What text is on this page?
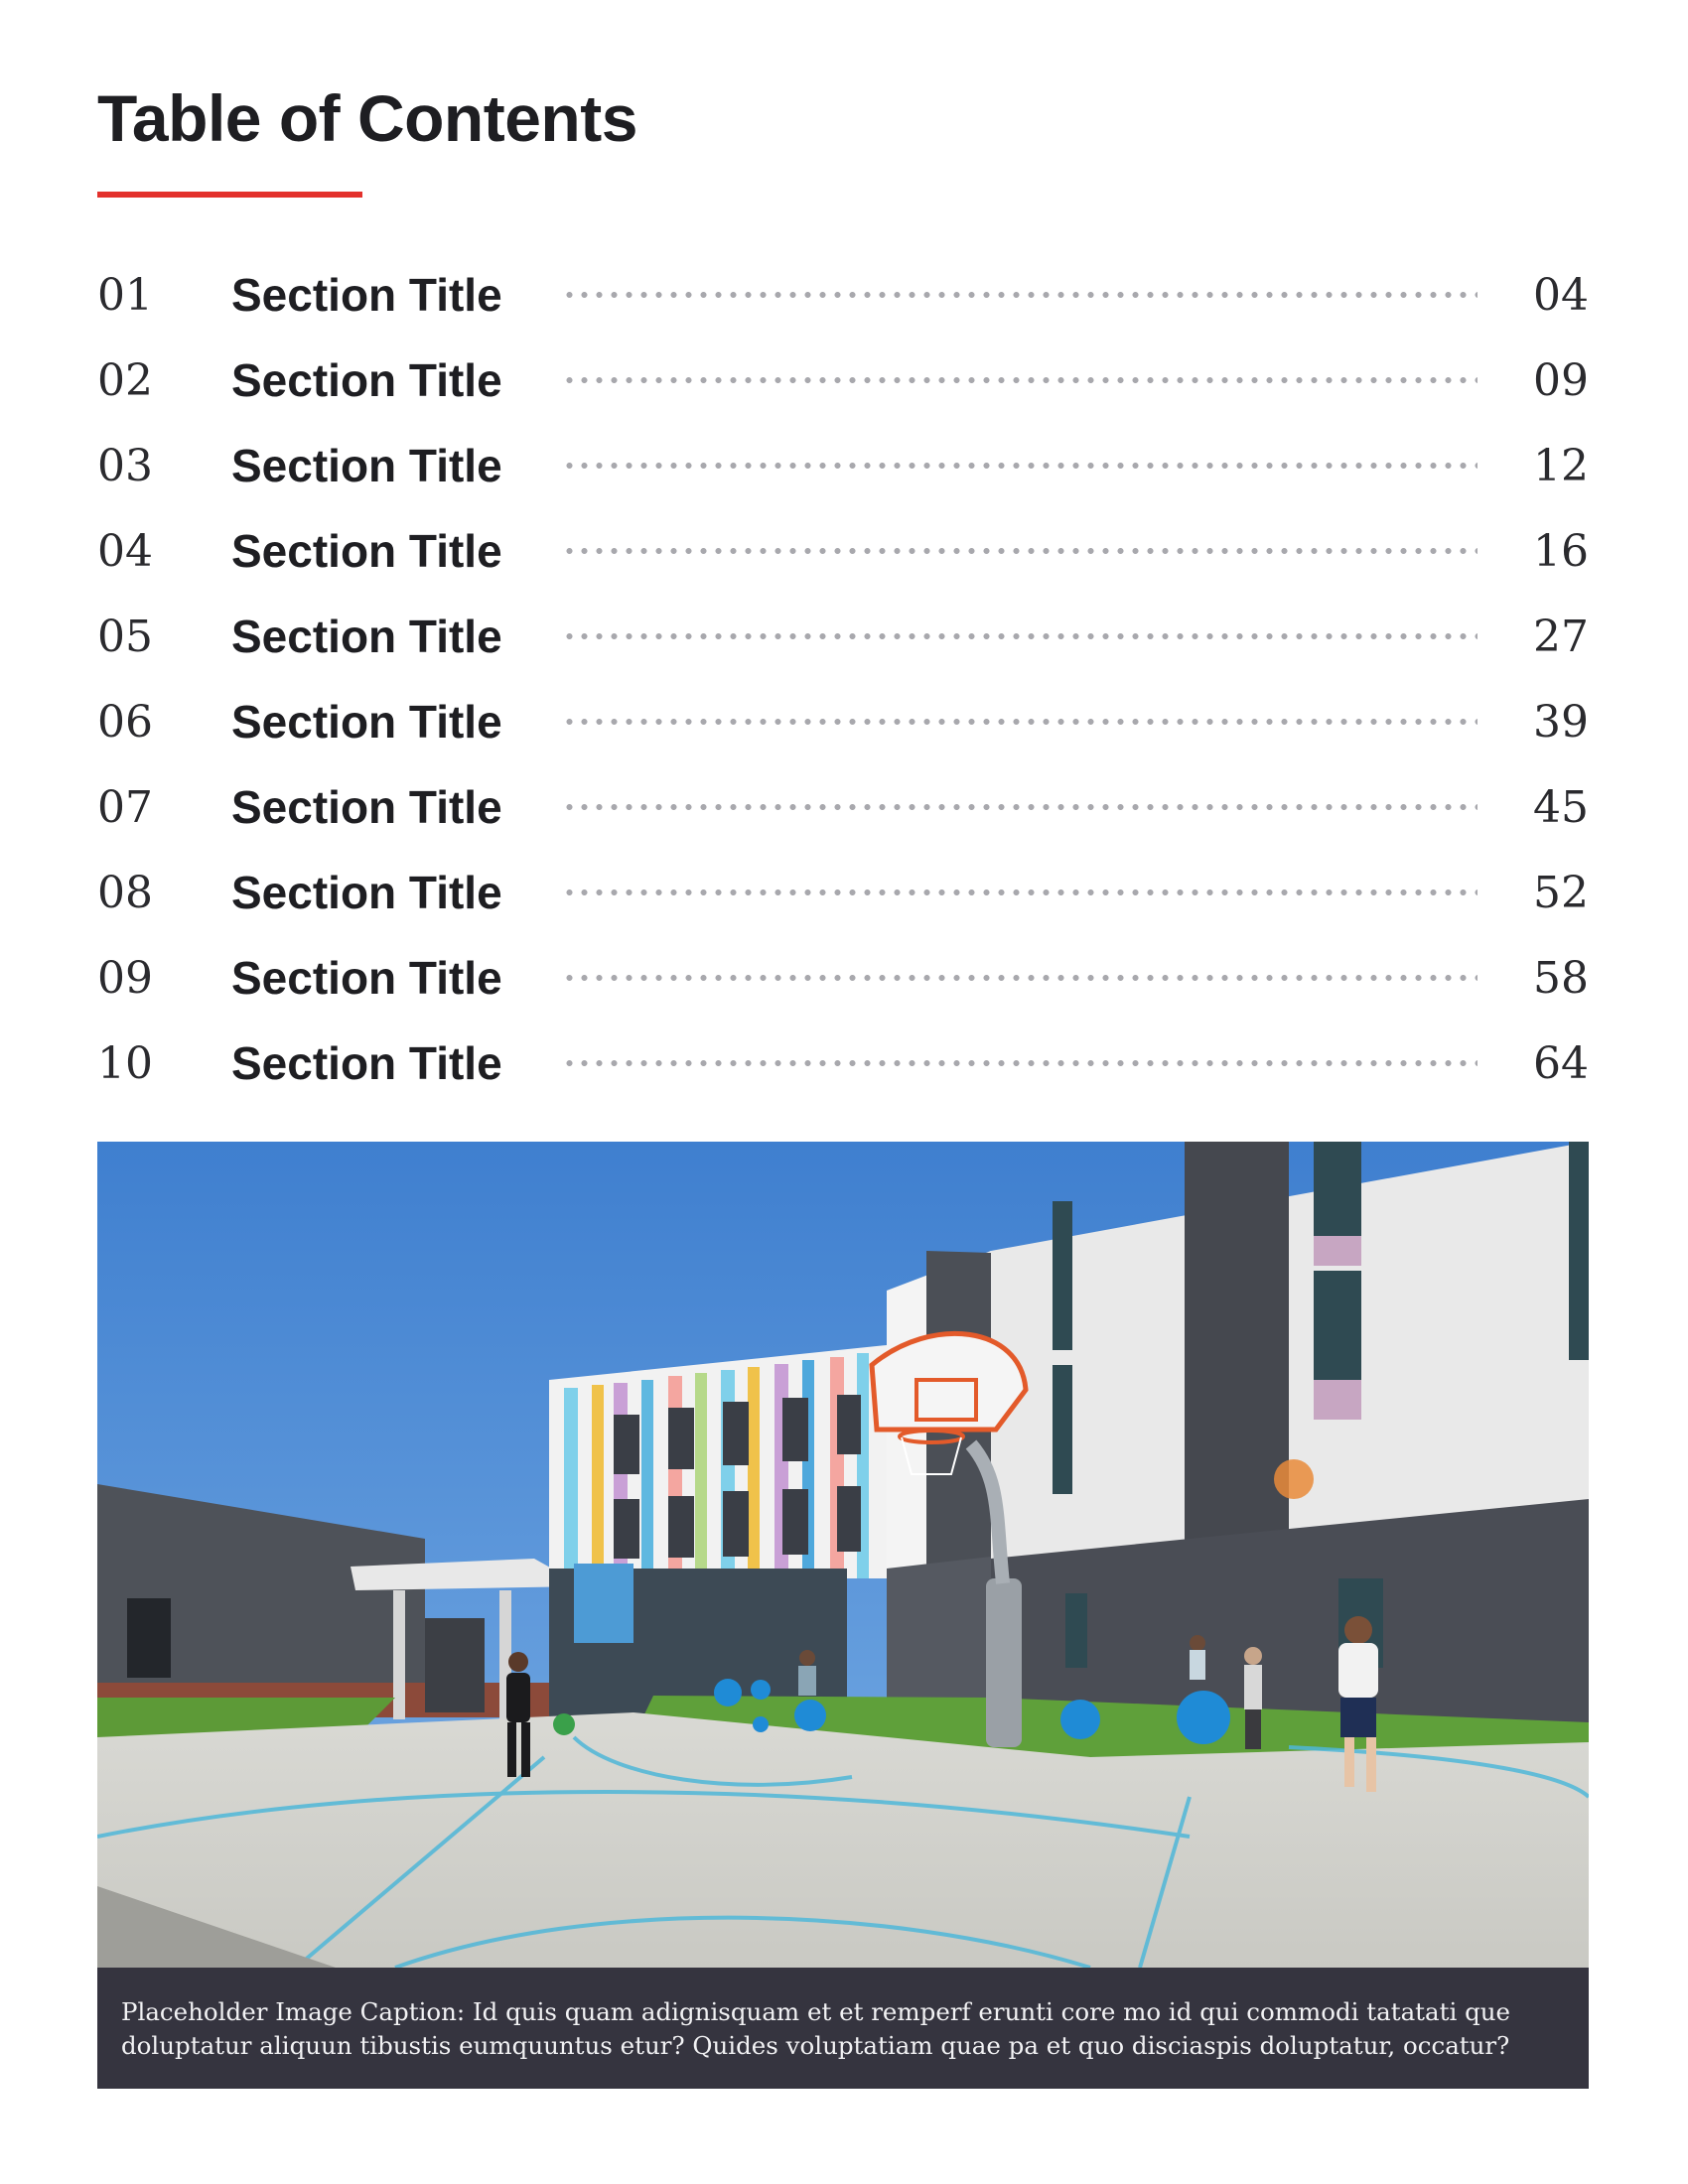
Table of Contents
01	Section Title	04
02	Section Title	09
03	Section Title	12
04	Section Title	16
05	Section Title	27
06	Section Title	39
07	Section Title	45
08	Section Title	52
09	Section Title	58
10	Section Title	64
Placeholder Image Caption: Id quis quam adignisquam et et remperf erunti core mo id qui commodi tatatati que doluptatur aliquun tibustis eumquuntus etur? Quides voluptatiam quae pa et quo disciaspis doluptatur, occatur?
